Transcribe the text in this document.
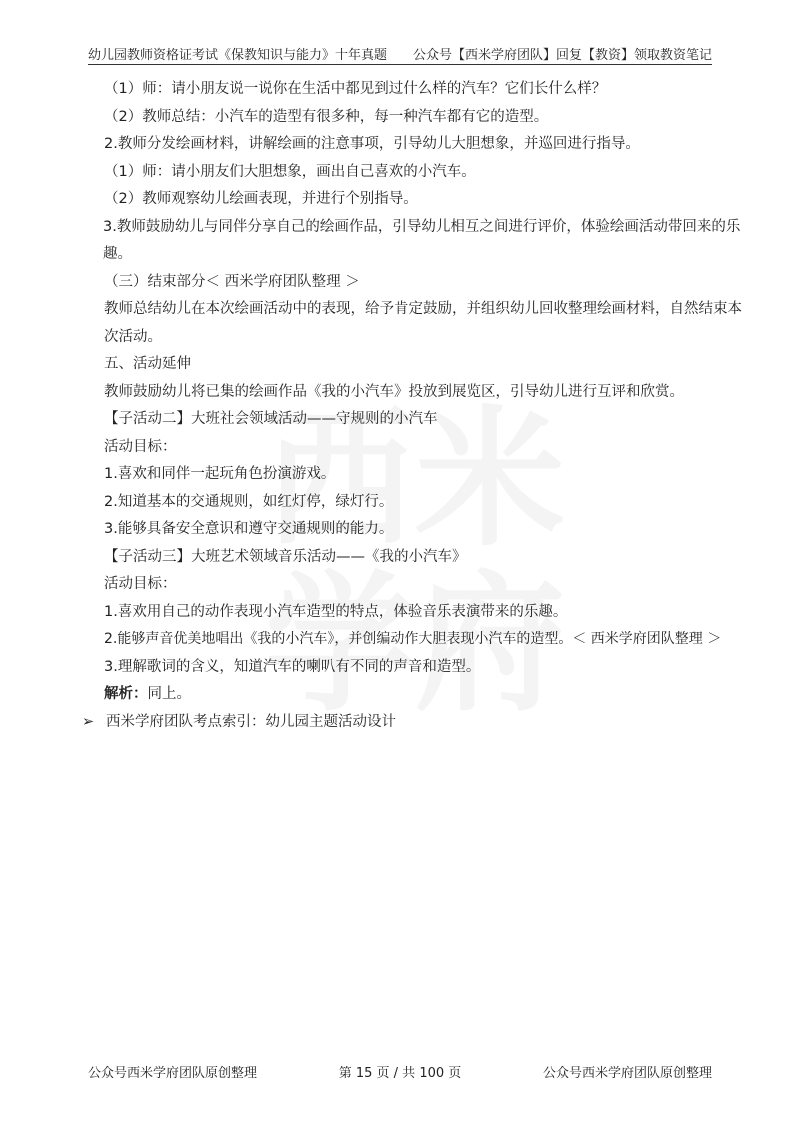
幼儿园教师资格证考试《保教知识与能力》十年真题 公众号【西米学府团队】回复【教资】领取教资笔记
（1）师：请小朋友说一说你在生活中都见到过什么样的汽车？它们长什么样？
（2）教师总结：小汽车的造型有很多种，每一种汽车都有它的造型。
2.教师分发绘画材料，讲解绘画的注意事项，引导幼儿大胆想象，并巡回进行指导。
（1）师：请小朋友们大胆想象，画出自己喜欢的小汽车。
（2）教师观察幼儿绘画表现，并进行个别指导。
3.教师鼓励幼儿与同伴分享自己的绘画作品，引导幼儿相互之间进行评价，体验绘画活动带回来的乐
趣。
（三）结束部分＜ 西米学府团队整理 ＞
教师总结幼儿在本次绘画活动中的表现，给予肯定鼓励，并组织幼儿回收整理绘画材料，自然结束本
次活动。
五、活动延伸
教师鼓励幼儿将已集的绘画作品《我的小汽车》投放到展览区，引导幼儿进行互评和欣赏。
【子活动二】大班社会领域活动——守规则的小汽车
活动目标：
1.喜欢和同伴一起玩角色扮演游戏。
2.知道基本的交通规则，如红灯停，绿灯行。
3.能够具备安全意识和遵守交通规则的能力。
【子活动三】大班艺术领域音乐活动——《我的小汽车》
活动目标：
1.喜欢用自己的动作表现小汽车造型的特点，体验音乐表演带来的乐趣。
2.能够声音优美地唱出《我的小汽车》，并创编动作大胆表现小汽车的造型。＜ 西米学府团队整理 ＞
3.理解歌词的含义，知道汽车的喇叭有不同的声音和造型。
解析：同上。
➢ 西米学府团队考点索引：幼儿园主题活动设计
公众号西米学府团队原创整理	第 15 页 / 共 100 页	公众号西米学府团队原创整理
